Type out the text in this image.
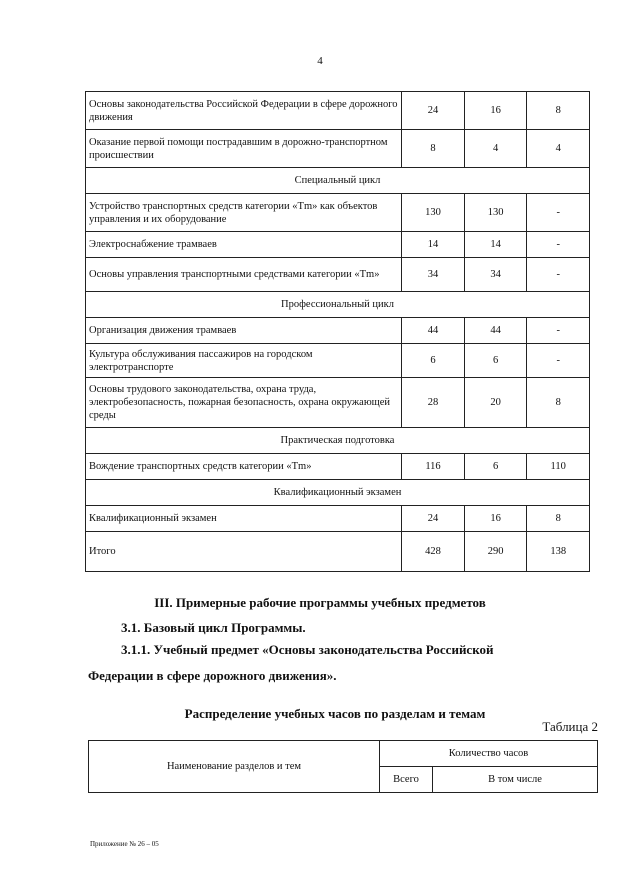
4
Основы законодательства Российской Федерации в сфере дорожного движения	24	16	8
Оказание первой помощи пострадавшим в дорожно-транспортном происшествии	8	4	4
Специальный цикл			
Устройство транспортных средств категории «Tm» как объектов управления и их оборудование	130	130	-
Электроснабжение трамваев	14	14	-
Основы управления транспортными средствами категории «Tm»	34	34	-
Профессиональный цикл			
Организация движения трамваев	44	44	-
Культура обслуживания пассажиров на городском электротранспорте	6	6	-
Основы трудового законодательства, охрана труда, электробезопасность, пожарная безопасность, охрана окружающей среды	28	20	8
Практическая подготовка			
Вождение транспортных средств категории «Tm»	116	6	110
Квалификационный экзамен			
Квалификационный экзамен	24	16	8
Итого	428	290	138
III. Примерные рабочие программы учебных предметов
3.1. Базовый цикл Программы.
3.1.1. Учебный предмет «Основы законодательства Российской
Федерации в сфере дорожного движения».
Распределение учебных часов по разделам и темам
Таблица 2
Наименование разделов и тем	Количество часов	
	Всего	В том числе
Приложение № 26 – 05
